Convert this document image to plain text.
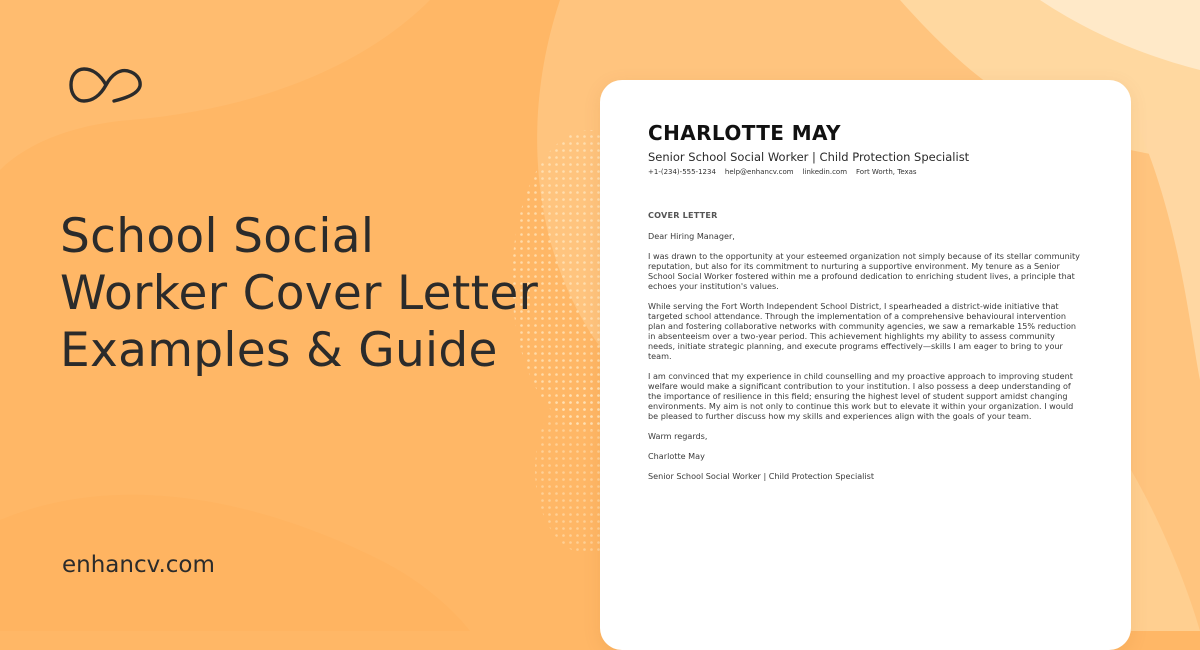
School Social Worker Cover Letter Examples & Guide

enhancv.com

CHARLOTTE MAY

Senior School Social Worker | Child Protection Specialist

+1-(234)-555-1234 help@enhancv.com linkedin.com Fort Worth, Texas

COVER LETTER

Dear Hiring Manager,

I was drawn to the opportunity at your esteemed organization not simply because of its stellar community reputation, but also for its commitment to nurturing a supportive environment. My tenure as a Senior School Social Worker fostered within me a profound dedication to enriching student lives, a principle that echoes your institution's values.

While serving the Fort Worth Independent School District, I spearheaded a district-wide initiative that targeted school attendance. Through the implementation of a comprehensive behavioural intervention plan and fostering collaborative networks with community agencies, we saw a remarkable 15% reduction in absenteeism over a two-year period. This achievement highlights my ability to assess community needs, initiate strategic planning, and execute programs effectively—skills I am eager to bring to your team.

I am convinced that my experience in child counselling and my proactive approach to improving student welfare would make a significant contribution to your institution. I also possess a deep understanding of the importance of resilience in this field; ensuring the highest level of student support amidst changing environments. My aim is not only to continue this work but to elevate it within your organization. I would be pleased to further discuss how my skills and experiences align with the goals of your team.

Warm regards,

Charlotte May

Senior School Social Worker | Child Protection Specialist
